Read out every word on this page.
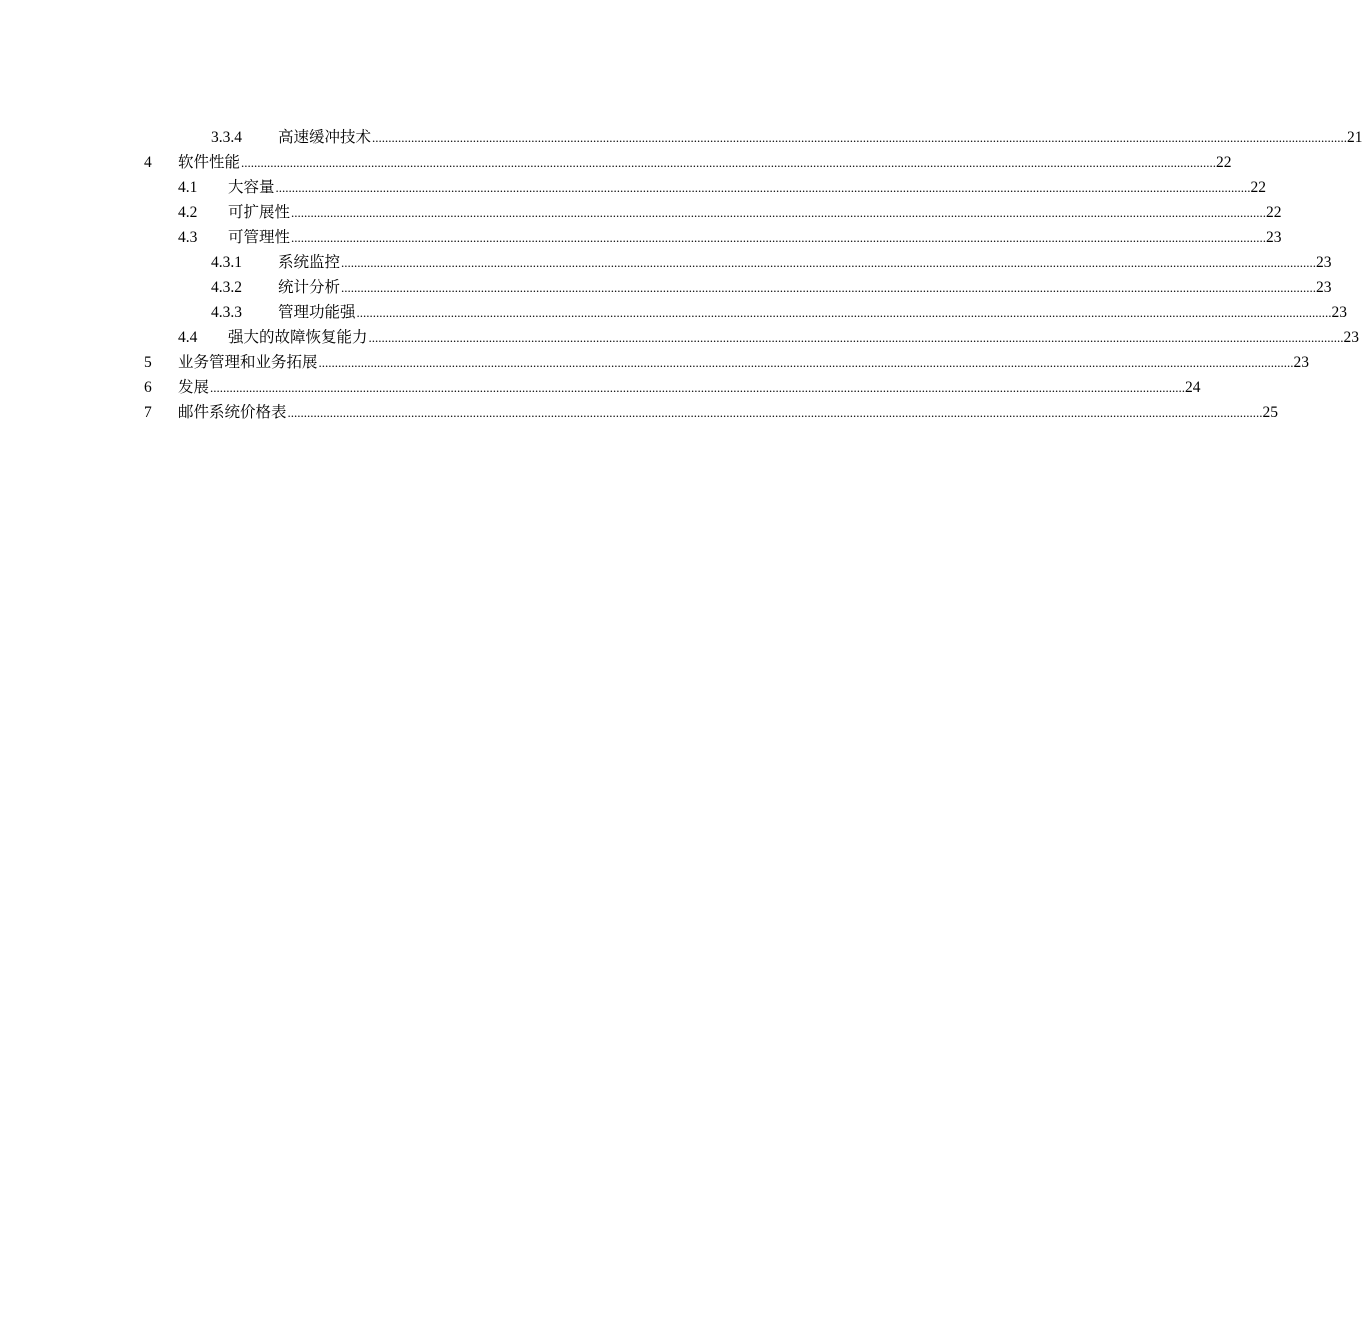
3.3.4 高速缓冲技术 ............................................................................................................................................................................................................................................................................................................ 21
4 软件性能 ............................................................................................................................................................................................................................................................................................................ 22
4.1 大容量 ............................................................................................................................................................................................................................................................................................................ 22
4.2 可扩展性 ............................................................................................................................................................................................................................................................................................................ 22
4.3 可管理性 ............................................................................................................................................................................................................................................................................................................ 23
4.3.1 系统监控 ............................................................................................................................................................................................................................................................................................................ 23
4.3.2 统计分析 ............................................................................................................................................................................................................................................................................................................ 23
4.3.3 管理功能强 ............................................................................................................................................................................................................................................................................................................ 23
4.4 强大的故障恢复能力 ............................................................................................................................................................................................................................................................................................................ 23
5 业务管理和业务拓展 ............................................................................................................................................................................................................................................................................................................ 23
6 发展 ............................................................................................................................................................................................................................................................................................................ 24
7 邮件系统价格表 ............................................................................................................................................................................................................................................................................................................ 25
